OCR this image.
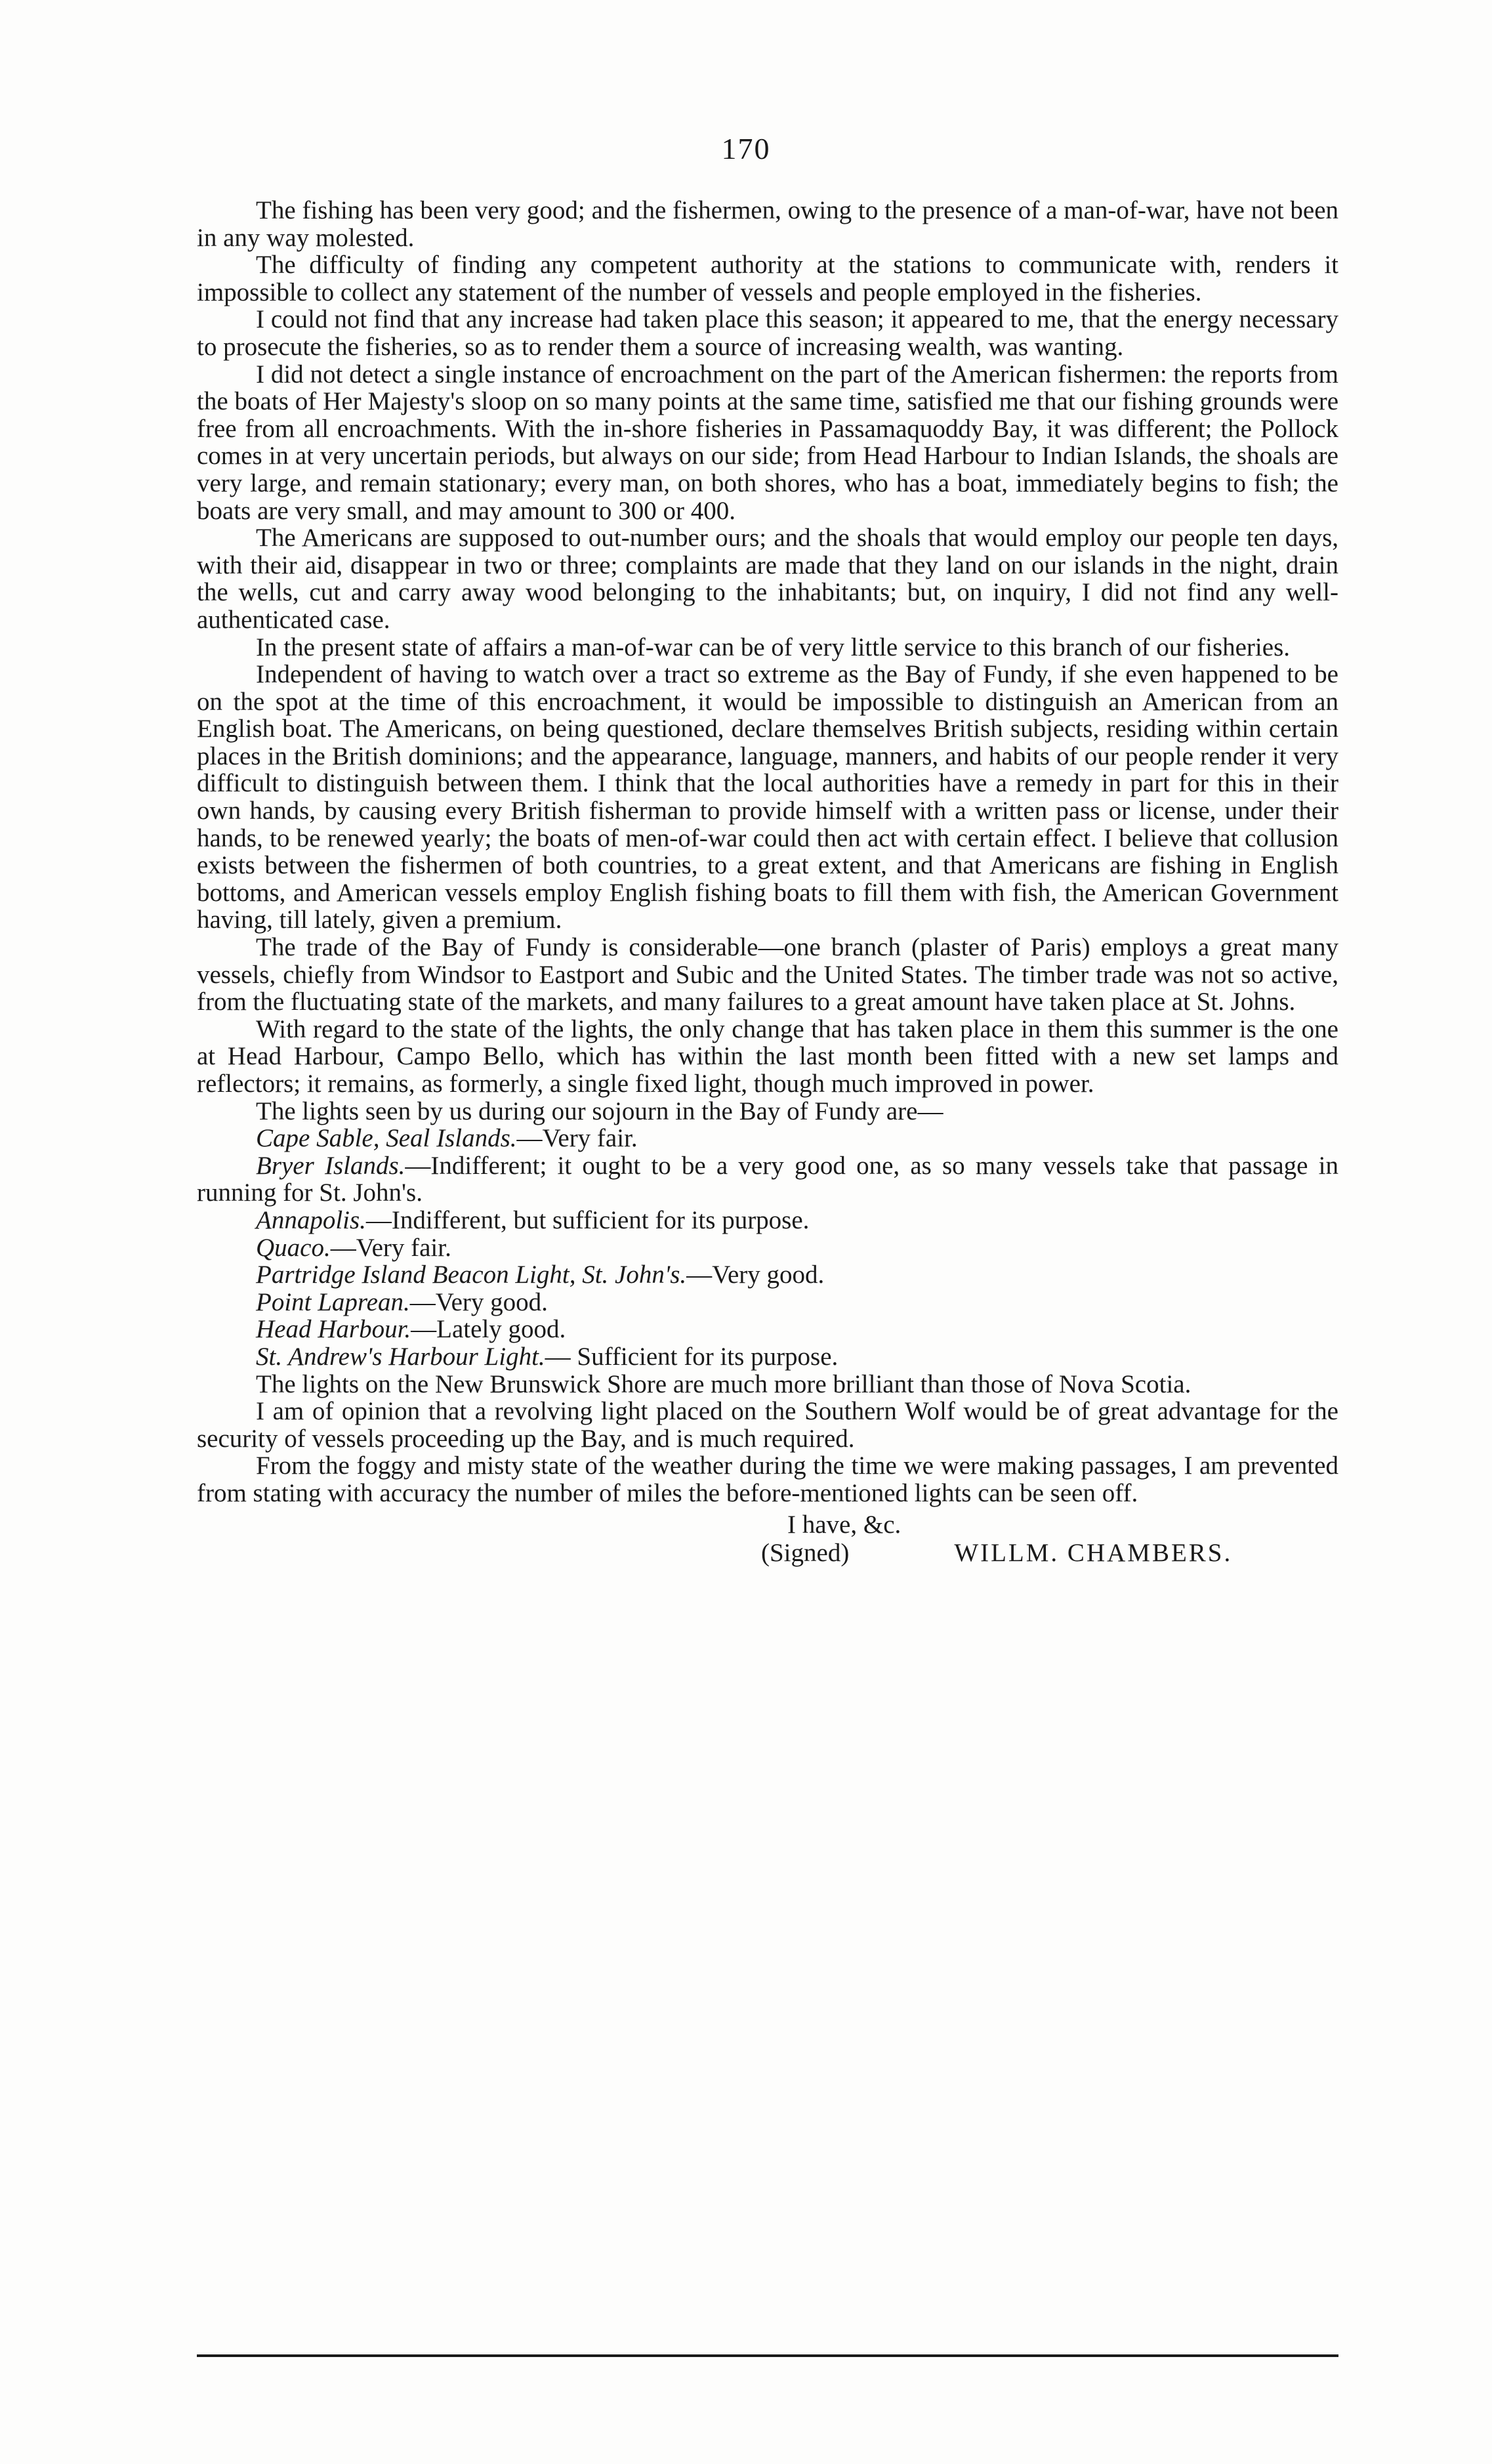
170

The fishing has been very good; and the fishermen, owing to the presence of a man-of-war, have not been in any way molested.

The difficulty of finding any competent authority at the stations to communicate with, renders it impossible to collect any statement of the number of vessels and people employed in the fisheries.

I could not find that any increase had taken place this season; it appeared to me, that the energy necessary to prosecute the fisheries, so as to render them a source of increasing wealth, was wanting.

I did not detect a single instance of encroachment on the part of the American fishermen: the reports from the boats of Her Majesty's sloop on so many points at the same time, satisfied me that our fishing grounds were free from all encroachments. With the in-shore fisheries in Passamaquoddy Bay, it was different; the Pollock comes in at very uncertain periods, but always on our side; from Head Harbour to Indian Islands, the shoals are very large, and remain stationary; every man, on both shores, who has a boat, immediately begins to fish; the boats are very small, and may amount to 300 or 400.

The Americans are supposed to out-number ours; and the shoals that would employ our people ten days, with their aid, disappear in two or three; complaints are made that they land on our islands in the night, drain the wells, cut and carry away wood belonging to the inhabitants; but, on inquiry, I did not find any well-authenticated case.

In the present state of affairs a man-of-war can be of very little service to this branch of our fisheries.

Independent of having to watch over a tract so extreme as the Bay of Fundy, if she even happened to be on the spot at the time of this encroachment, it would be impossible to distinguish an American from an English boat. The Americans, on being questioned, declare themselves British subjects, residing within certain places in the British dominions; and the appearance, language, manners, and habits of our people render it very difficult to distinguish between them. I think that the local authorities have a remedy in part for this in their own hands, by causing every British fisherman to provide himself with a written pass or license, under their hands, to be renewed yearly; the boats of men-of-war could then act with certain effect. I believe that collusion exists between the fishermen of both countries, to a great extent, and that Americans are fishing in English bottoms, and American vessels employ English fishing boats to fill them with fish, the American Government having, till lately, given a premium.

The trade of the Bay of Fundy is considerable—one branch (plaster of Paris) employs a great many vessels, chiefly from Windsor to Eastport and Subic and the United States. The timber trade was not so active, from the fluctuating state of the markets, and many failures to a great amount have taken place at St. Johns.

With regard to the state of the lights, the only change that has taken place in them this summer is the one at Head Harbour, Campo Bello, which has within the last month been fitted with a new set lamps and reflectors; it remains, as formerly, a single fixed light, though much improved in power.

The lights seen by us during our sojourn in the Bay of Fundy are—

Cape Sable, Seal Islands.—Very fair.
Bryer Islands.—Indifferent; it ought to be a very good one, as so many vessels take that passage in running for St. John's.
Annapolis.—Indifferent, but sufficient for its purpose.
Quaco.—Very fair.
Partridge Island Beacon Light, St. John's.—Very good.
Point Laprean.—Very good.
Head Harbour.—Lately good.
St. Andrew's Harbour Light.— Sufficient for its purpose.

The lights on the New Brunswick Shore are much more brilliant than those of Nova Scotia.

I am of opinion that a revolving light placed on the Southern Wolf would be of great advantage for the security of vessels proceeding up the Bay, and is much required.

From the foggy and misty state of the weather during the time we were making passages, I am prevented from stating with accuracy the number of miles the before-mentioned lights can be seen off.

I have, &c.
(Signed)	WILLM. CHAMBERS.
